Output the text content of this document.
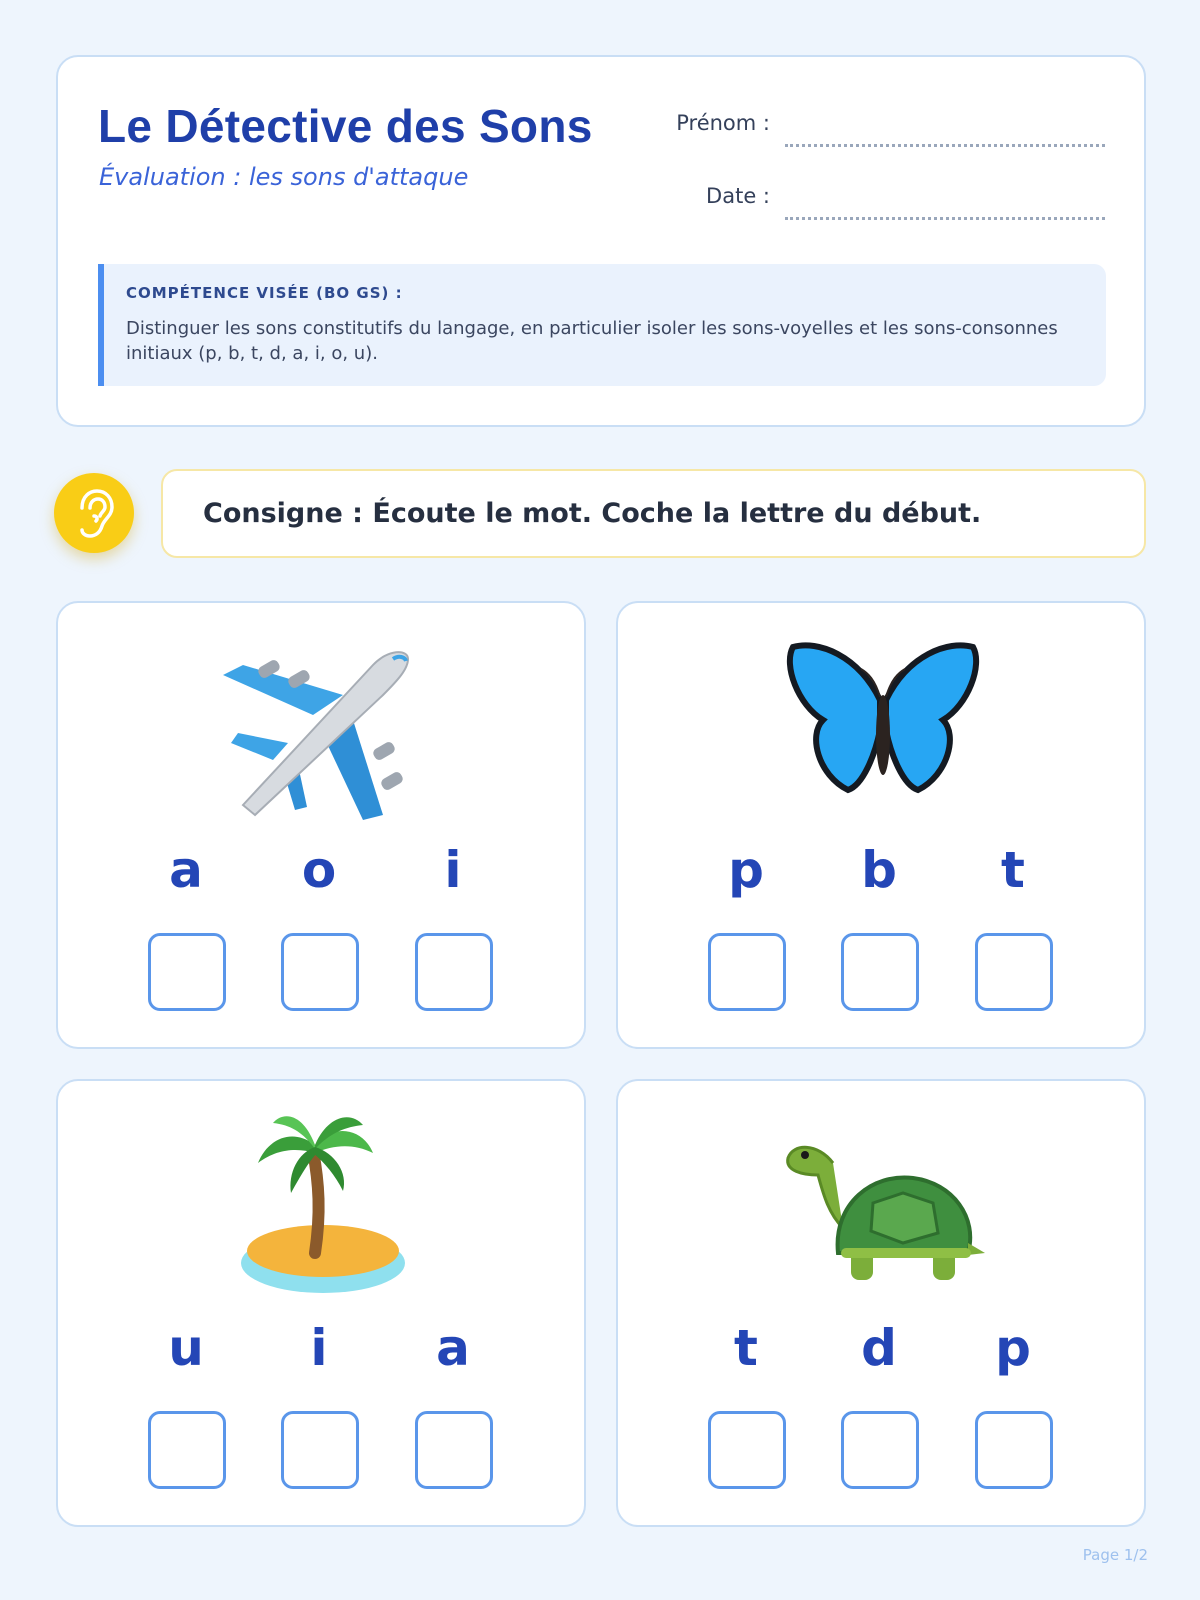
Le Détective des Sons
Évaluation : les sons d'attaque
Prénom :
Date :
COMPÉTENCE VISÉE (BO GS) :
Distinguer les sons constitutifs du langage, en particulier isoler les sons-voyelles et les sons-consonnes initiaux (p, b, t, d, a, i, o, u).
Consigne : Écoute le mot. Coche la lettre du début.
a	o	i	p	b	t
u	i	a	t	d	p
Page 1/2
